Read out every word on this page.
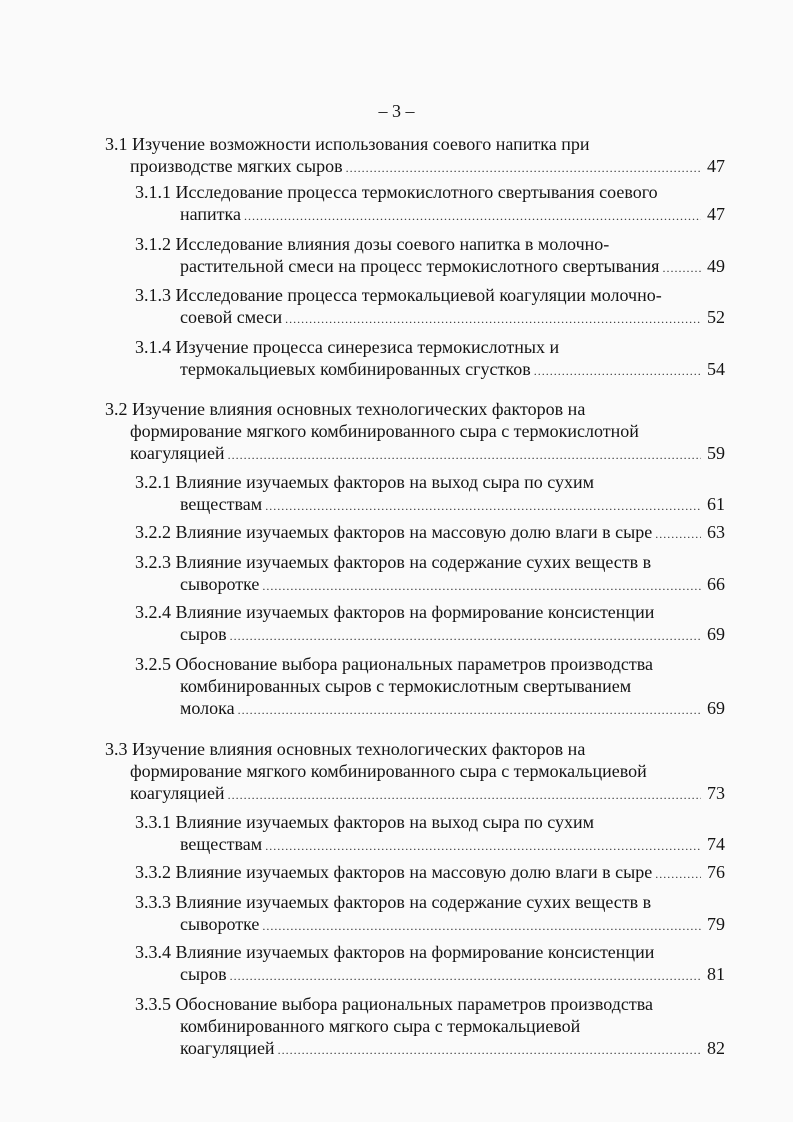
– 3 –
3.1 Изучение возможности использования соевого напитка при
производстве мягких сыров .....	47
3.1.1 Исследование процесса термокислотного свертывания соевого
напитка .....	47
3.1.2 Исследование влияния дозы соевого напитка в молочно-
растительной смеси на процесс термокислотного свертывания .....	49
3.1.3 Исследование процесса термокальциевой коагуляции молочно-
соевой смеси .....	52
3.1.4 Изучение процесса синерезиса термокислотных и
термокальциевых комбинированных сгустков .....	54
3.2 Изучение влияния основных технологических факторов на
формирование мягкого комбинированного сыра с термокислотной
коагуляцией .....	59
3.2.1 Влияние изучаемых факторов на выход сыра по сухим
веществам .....	61
3.2.2 Влияние изучаемых факторов на массовую долю влаги в сыре .....	63
3.2.3 Влияние изучаемых факторов на содержание сухих веществ в
сыворотке .....	66
3.2.4 Влияние изучаемых факторов на формирование консистенции
сыров .....	69
3.2.5 Обоснование выбора рациональных параметров производства
комбинированных сыров с термокислотным свертыванием
молока .....	69
3.3 Изучение влияния основных технологических факторов на
формирование мягкого комбинированного сыра с термокальциевой
коагуляцией .....	73
3.3.1 Влияние изучаемых факторов на выход сыра по сухим
веществам .....	74
3.3.2 Влияние изучаемых факторов на массовую долю влаги в сыре .....	76
3.3.3 Влияние изучаемых факторов на содержание сухих веществ в
сыворотке .....	79
3.3.4 Влияние изучаемых факторов на формирование консистенции
сыров .....	81
3.3.5 Обоснование выбора рациональных параметров производства
комбинированного мягкого сыра с термокальциевой
коагуляцией .....	82
